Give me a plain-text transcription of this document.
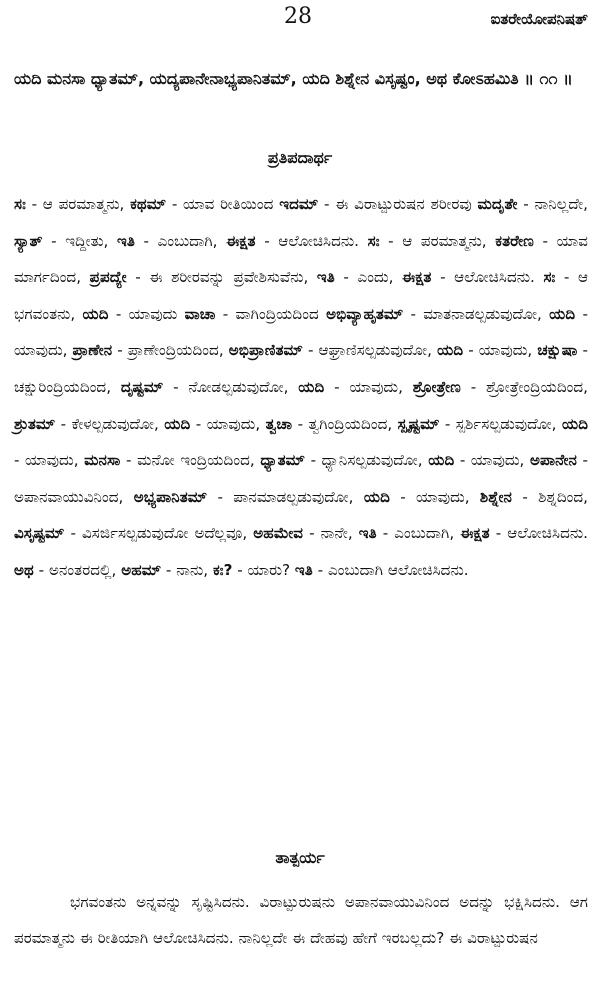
28	ಐತರೇಯೋಪನಿಷತ್
ಯದಿ ಮನಸಾ ಧ್ಯಾತಮ್, ಯದ್ಯಪಾನೇನಾಭ್ಯಪಾನಿತಮ್, ಯದಿ ಶಿಶ್ನೇನ ವಿಸೃಷ್ಟಂ, ಅಥ ಕೋಽಹಮಿತಿ ॥ ೧೧ ॥
ಪ್ರತಿಪದಾರ್ಥ
ಸಃ - ಆ ಪರಮಾತ್ಮನು, ಕಥಮ್ - ಯಾವ ರೀತಿಯಿಂದ ಇದಮ್ - ಈ ವಿರಾಟ್ಪುರುಷನ ಶರೀರವು ಮದೃತೇ - ನಾನಿಲ್ಲದೇ, ಸ್ಯಾತ್ - ಇದ್ದೀತು, ಇತಿ - ಎಂಬುದಾಗಿ, ಈಕ್ಷತ - ಆಲೋಚಿಸಿದನು. ಸಃ - ಆ ಪರಮಾತ್ಮನು, ಕತರೇಣ - ಯಾವ ಮಾರ್ಗದಿಂದ, ಪ್ರಪದ್ಯೇ - ಈ ಶರೀರವನ್ನು ಪ್ರವೇಶಿಸುವೆನು, ಇತಿ - ಎಂದು, ಈಕ್ಷತ - ಆಲೋಚಿಸಿದನು. ಸಃ - ಆ ಭಗವಂತನು, ಯದಿ - ಯಾವುದು ವಾಚಾ - ವಾಗಿಂದ್ರಿಯದಿಂದ ಅಭಿವ್ಯಾಹೃತಮ್ - ಮಾತನಾಡಲ್ಪಡುವುದೋ, ಯದಿ - ಯಾವುದು, ಪ್ರಾಣೇನ - ಪ್ರಾಣೇಂದ್ರಿಯದಿಂದ, ಅಭಿಪ್ರಾಣಿತಮ್ - ಆಘ್ರಾಣಿಸಲ್ಪಡುವುದೋ, ಯದಿ - ಯಾವುದು, ಚಕ್ಷುಷಾ - ಚಕ್ಷುರಿಂದ್ರಿಯದಿಂದ, ದೃಷ್ಟಮ್ - ನೋಡಲ್ಪಡುವುದೋ, ಯದಿ - ಯಾವುದು, ಶ್ರೋತ್ರೇಣ - ಶ್ರೋತ್ರೇಂದ್ರಿಯದಿಂದ, ಶ್ರುತಮ್ - ಕೇಳಲ್ಪಡುವುದೋ, ಯದಿ - ಯಾವುದು, ತ್ವಚಾ - ತ್ವಗಿಂದ್ರಿಯದಿಂದ, ಸ್ಪೃಷ್ಟಮ್ - ಸ್ಪರ್ಶಿಸಲ್ಪಡುವುದೋ, ಯದಿ - ಯಾವುದು, ಮನಸಾ - ಮನೋ ಇಂದ್ರಿಯದಿಂದ, ಧ್ಯಾತಮ್ - ಧ್ಯಾನಿಸಲ್ಪಡುವುದೋ, ಯದಿ - ಯಾವುದು, ಅಪಾನೇನ - ಅಪಾನವಾಯುವಿನಿಂದ, ಅಭ್ಯಪಾನಿತಮ್ - ಪಾನಮಾಡಲ್ಪಡುವುದೋ, ಯದಿ - ಯಾವುದು, ಶಿಶ್ನೇನ - ಶಿಶ್ನದಿಂದ, ವಿಸೃಷ್ಟಮ್ - ವಿಸರ್ಜಿಸಲ್ಪಡುವುದೋ ಅದೆಲ್ಲವೂ, ಅಹಮೇವ - ನಾನೇ, ಇತಿ - ಎಂಬುದಾಗಿ, ಈಕ್ಷತ - ಆಲೋಚಿಸಿದನು. ಅಥ - ಅನಂತರದಲ್ಲಿ, ಅಹಮ್ - ನಾನು, ಕಃ? - ಯಾರು? ಇತಿ - ಎಂಬುದಾಗಿ ಆಲೋಚಿಸಿದನು.
ತಾತ್ಪರ್ಯ
ಭಗವಂತನು ಅನ್ನವನ್ನು ಸೃಷ್ಟಿಸಿದನು. ವಿರಾಟ್ಪುರುಷನು ಅಪಾನವಾಯುವಿನಿಂದ ಅದನ್ನು ಭಕ್ಷಿಸಿದನು. ಆಗ ಪರಮಾತ್ಮನು ಈ ರೀತಿಯಾಗಿ ಆಲೋಚಿಸಿದನು. ನಾನಿಲ್ಲದೇ ಈ ದೇಹವು ಹೇಗೆ ಇರಬಲ್ಲದು? ಈ ವಿರಾಟ್ಪುರುಷನ
